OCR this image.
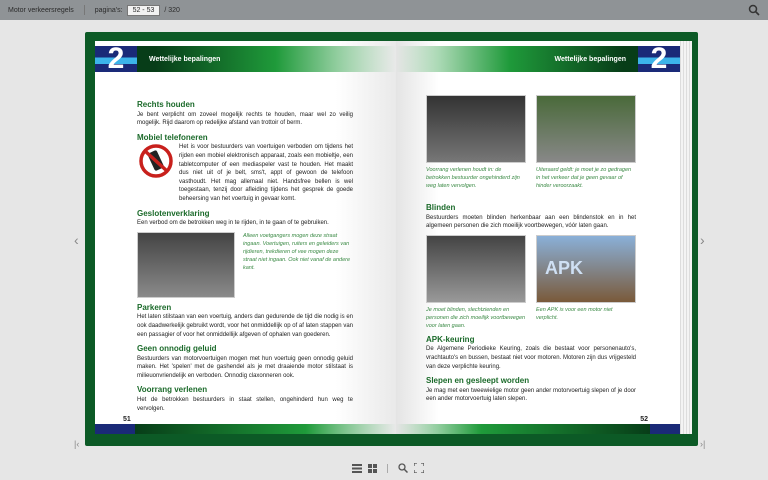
Motor verkeersregels	pagina's:	52 - 53	/ 320
‹	›
|‹	›|
2	Wettelijke bepalingen
Rechts houden

Je bent verplicht om zoveel mogelijk rechts te houden, maar wel zo veilig mogelijk. Rijd daarom op redelijke afstand van trottoir of berm.

Mobiel telefoneren

Het is voor bestuurders van voertuigen verboden om tijdens het rijden een mobiel elektronisch apparaat, zoals een mobieltje, een tabletcomputer of een mediaspeler vast te houden. Het maakt dus niet uit of je belt, sms't, appt of gewoon de telefoon vasthoudt. Het mag allemaal niet. Handsfree bellen is wel toegestaan, tenzij door afleiding tijdens het gesprek de goede beheersing van het voertuig in gevaar komt.

Geslotenverklaring

Een verbod om de betrokken weg in te rijden, in te gaan of te gebruiken.

Alleen voetgangers mogen deze straat ingaan. Voertuigen, ruiters en geleiders van rijdieren, trekdieren of vee mogen deze straat niet ingaan. Ook niet vanaf de andere kant.

Parkeren

Het laten stilstaan van een voertuig, anders dan gedurende de tijd die nodig is en ook daadwerkelijk gebruikt wordt, voor het onmiddellijk op of af laten stappen van een passagier of voor het onmiddellijk afgeven of ophalen van goederen.

Geen onnodig geluid

Bestuurders van motorvoertuigen mogen met hun voertuig geen onnodig geluid maken. Het 'spelen' met de gashendel als je met draaiende motor stilstaat is milieuonvriendelijk en verboden. Onnodig claxonneren ook.

Voorrang verlenen

Het de betrokken bestuurders in staat stellen, ongehinderd hun weg te vervolgen.

51
Wettelijke bepalingen 2

Voorrang verlenen houdt in: de betrokken bestuurder ongehinderd zijn weg laten vervolgen.

Uiteraard geldt: je moet je zo gedragen in het verkeer dat je geen gevaar of hinder veroorzaakt.

Blinden

Bestuurders moeten blinden herkenbaar aan een blindenstok en in het algemeen personen die zich moeilijk voortbewegen, vóór laten gaan.

Je moet blinden, slechtzienden en personen die zich moeilijk voortbewegen voor laten gaan.

APK

Een APK is voor een motor niet verplicht.

APK-keuring

De Algemene Periodieke Keuring, zoals die bestaat voor personenauto's, vrachtauto's en bussen, bestaat niet voor motoren. Motoren zijn dus vrijgesteld van deze verplichte keuring.

Slepen en gesleept worden

Je mag met een tweewielige motor geen ander motorvoertuig slepen of je door een ander motorvoertuig laten slepen.

52
